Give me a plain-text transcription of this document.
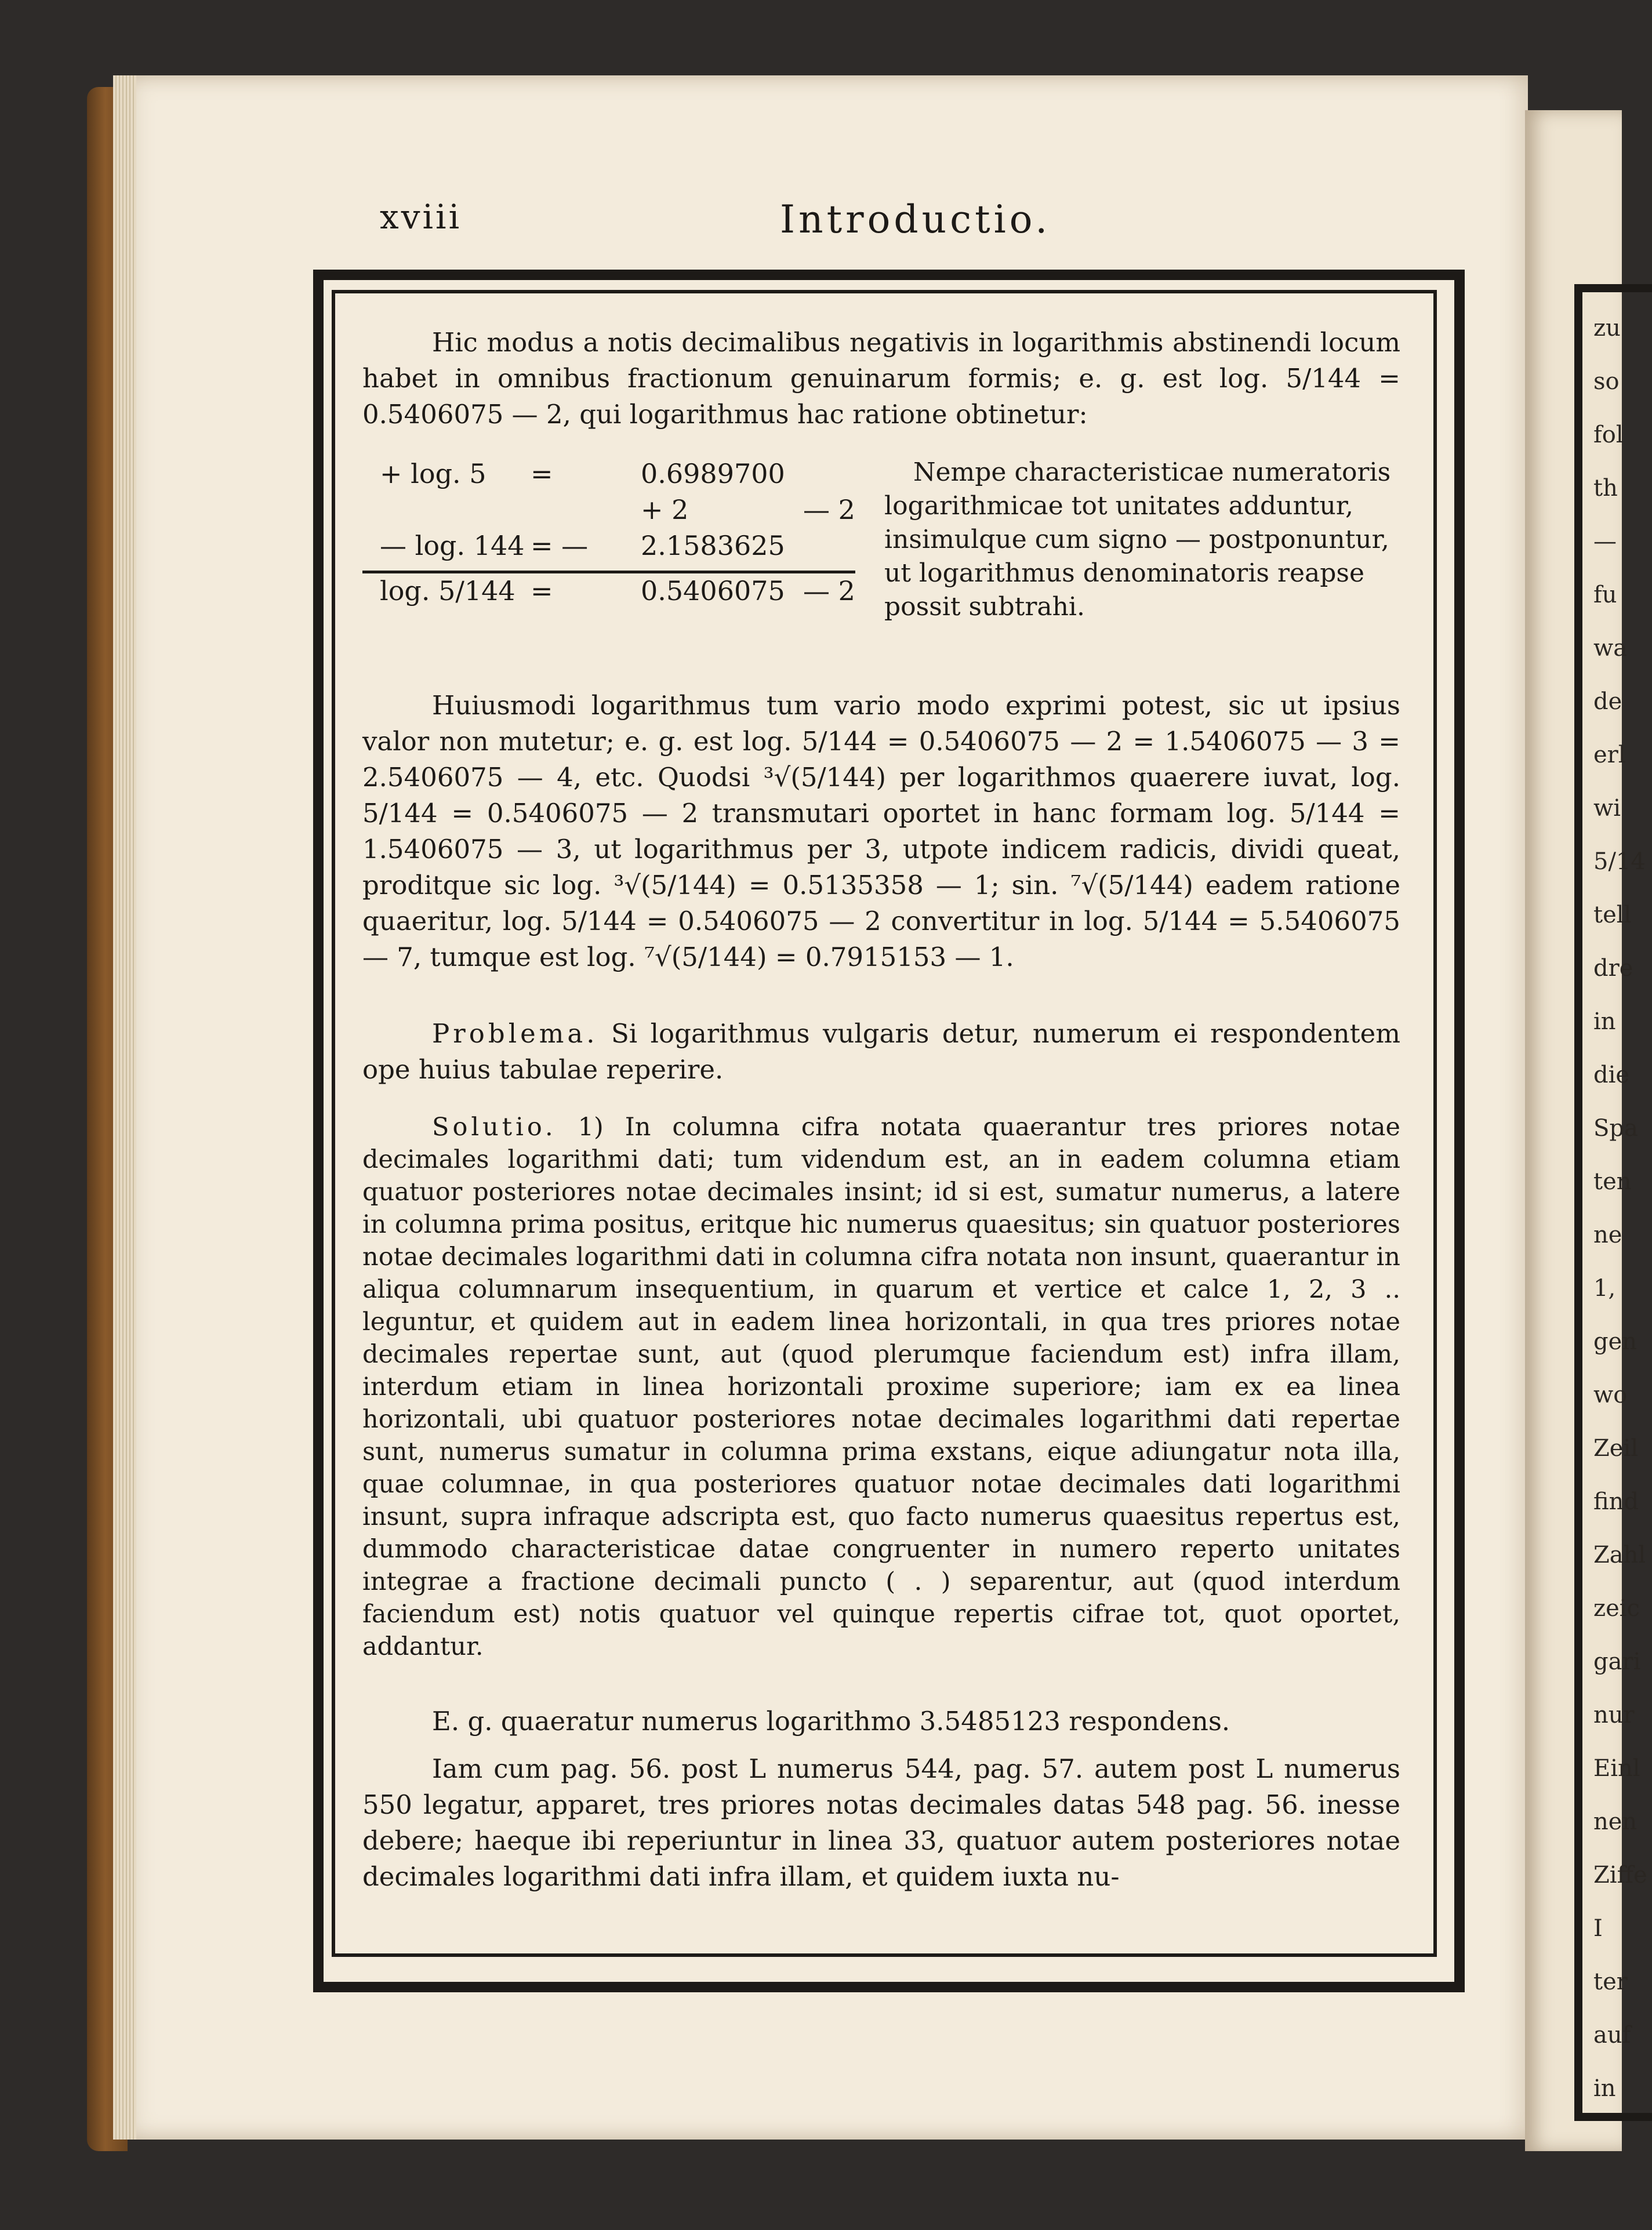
zu
so
fol
th
—
fu
wa
de
erl
wi
5/14
tell
dre
in
die
Spa
ten
ne
1,
gen
wo
Zeil
find
Zahl
zeic
gari
nur
Einl
nen
Ziffe
I
ter
auf
in
xviii	Introductio.

Hic modus a notis decimalibus negativis in logarithmis abstinendi locum habet in omnibus fractionum genuinarum formis; e. g. est log. 5/144 = 0.5406075 — 2, qui logarithmus hac ratione obtinetur:

+ log. 5 =	0.6989700
+ 2	— 2
— log. 144 = — 2.1583625
log. 5/144 =	0.5406075 — 2

Nempe characteristicae numeratoris logarithmicae tot unitates adduntur, insimulque cum signo — postponuntur, ut logarithmus denominatoris reapse possit subtrahi.

Huiusmodi logarithmus tum vario modo exprimi potest, sic ut ipsius valor non mutetur; e. g. est log. 5/144 = 0.5406075 — 2 = 1.5406075 — 3 = 2.5406075 — 4, etc. Quodsi ³√(5/144) per logarithmos quaerere iuvat, log. 5/144 = 0.5406075 — 2 transmutari oportet in hanc formam log. 5/144 = 1.5406075 — 3, ut logarithmus per 3, utpote indicem radicis, dividi queat, proditque sic log. ³√(5/144) = 0.5135358 — 1; sin. ⁷√(5/144) eadem ratione quaeritur, log. 5/144 = 0.5406075 — 2 convertitur in log. 5/144 = 5.5406075 — 7, tumque est log. ⁷√(5/144) = 0.7915153 — 1.

Problema. Si logarithmus vulgaris detur, numerum ei respondentem ope huius tabulae reperire.

Solutio. 1) In columna cifra notata quaerantur tres priores notae decimales logarithmi dati; tum videndum est, an in eadem columna etiam quatuor posteriores notae decimales insint; id si est, sumatur numerus, a latere in columna prima positus, eritque hic numerus quaesitus; sin quatuor posteriores notae decimales logarithmi dati in columna cifra notata non insunt, quaerantur in aliqua columnarum insequentium, in quarum et vertice et calce 1, 2, 3 .. leguntur, et quidem aut in eadem linea horizontali, in qua tres priores notae decimales repertae sunt, aut (quod plerumque faciendum est) infra illam, interdum etiam in linea horizontali proxime superiore; iam ex ea linea horizontali, ubi quatuor posteriores notae decimales logarithmi dati repertae sunt, numerus sumatur in columna prima exstans, eique adiungatur nota illa, quae columnae, in qua posteriores quatuor notae decimales dati logarithmi insunt, supra infraque adscripta est, quo facto numerus quaesitus repertus est, dummodo characteristicae datae congruenter in numero reperto unitates integrae a fractione decimali puncto ( . ) separentur, aut (quod interdum faciendum est) notis quatuor vel quinque repertis cifrae tot, quot oportet, addantur.

E. g. quaeratur numerus logarithmo 3.5485123 respondens.

Iam cum pag. 56. post L numerus 544, pag. 57. autem post L numerus 550 legatur, apparet, tres priores notas decimales datas 548 pag. 56. inesse debere; haeque ibi reperiuntur in linea 33, quatuor autem posteriores notae decimales logarithmi dati infra illam, et quidem iuxta nu-
